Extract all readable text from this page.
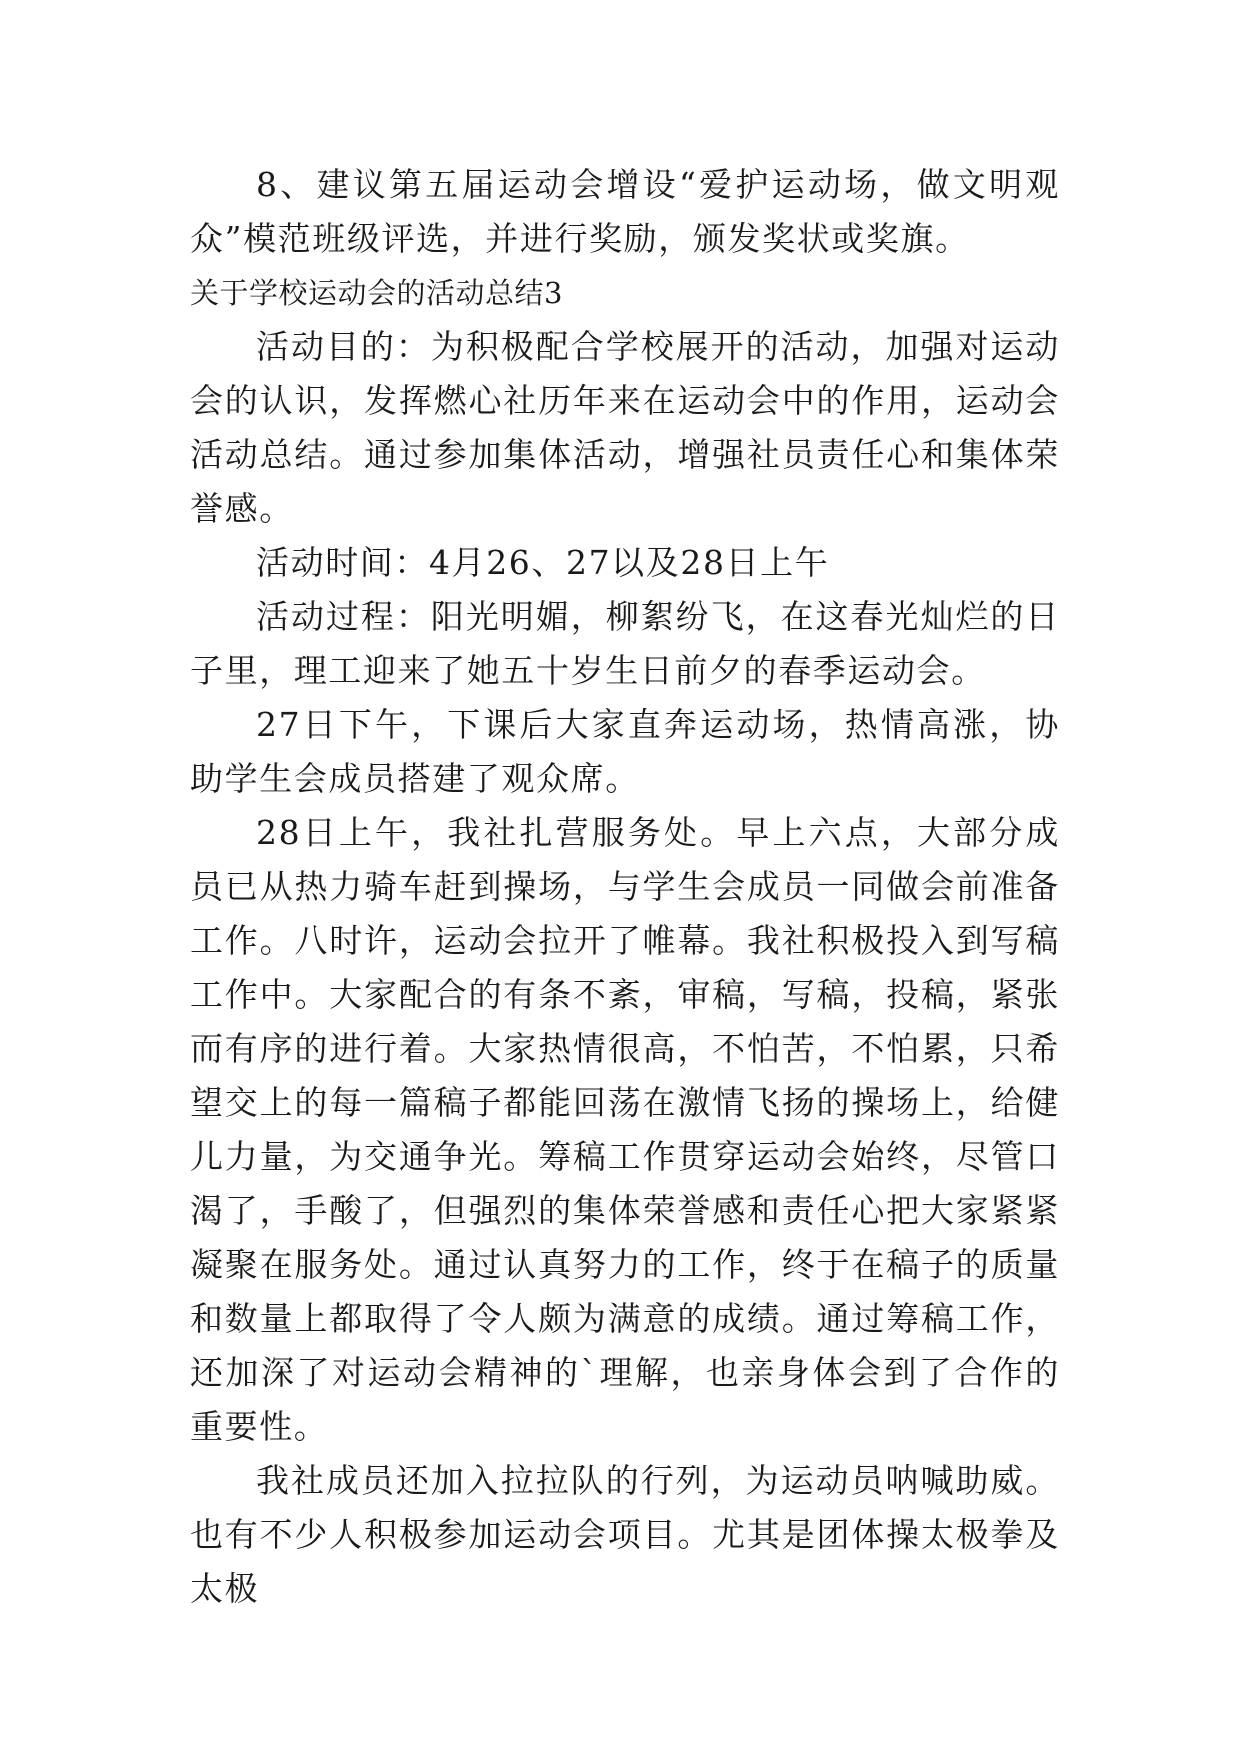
8、建议第五届运动会增设“爱护运动场，做文明观众”模范班级评选，并进行奖励，颁发奖状或奖旗。

关于学校运动会的活动总结3

活动目的：为积极配合学校展开的活动，加强对运动会的认识，发挥燃心社历年来在运动会中的作用，运动会活动总结。通过参加集体活动，增强社员责任心和集体荣誉感。

活动时间：4月26、27以及28日上午

活动过程：阳光明媚，柳絮纷飞，在这春光灿烂的日子里，理工迎来了她五十岁生日前夕的春季运动会。

27日下午，下课后大家直奔运动场，热情高涨，协助学生会成员搭建了观众席。

28日上午，我社扎营服务处。早上六点，大部分成员已从热力骑车赶到操场，与学生会成员一同做会前准备工作。八时许，运动会拉开了帷幕。我社积极投入到写稿工作中。大家配合的有条不紊，审稿，写稿，投稿，紧张而有序的进行着。大家热情很高，不怕苦，不怕累，只希望交上的每一篇稿子都能回荡在激情飞扬的操场上，给健儿力量，为交通争光。筹稿工作贯穿运动会始终，尽管口渴了，手酸了，但强烈的集体荣誉感和责任心把大家紧紧凝聚在服务处。通过认真努力的工作，终于在稿子的质量和数量上都取得了令人颇为满意的成绩。通过筹稿工作，还加深了对运动会精神的`理解，也亲身体会到了合作的重要性。

我社成员还加入拉拉队的行列，为运动员呐喊助威。也有不少人积极参加运动会项目。尤其是团体操太极拳及太极
